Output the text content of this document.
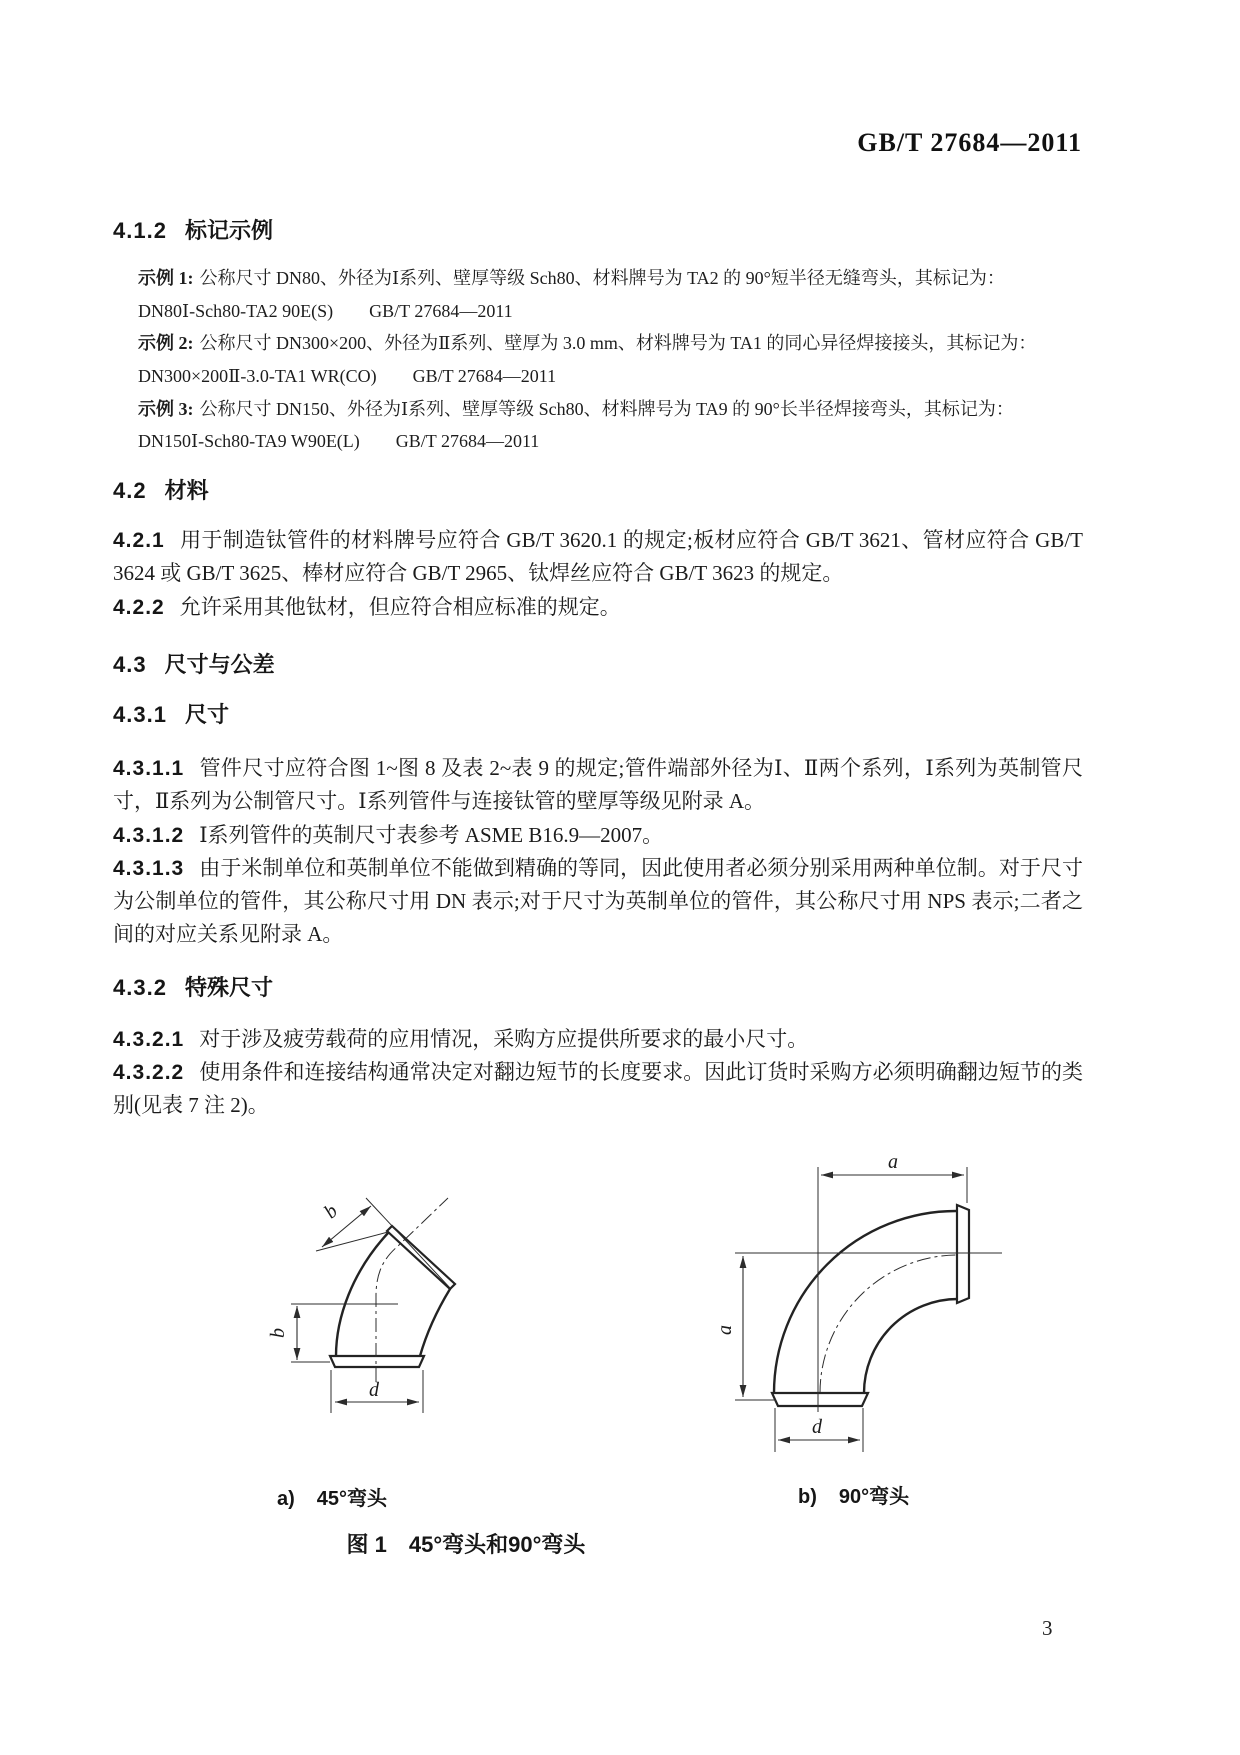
GB/T 27684—2011
4.1.2 标记示例
示例 1: 公称尺寸 DN80、外径为Ⅰ系列、壁厚等级 Sch80、材料牌号为 TA2 的 90°短半径无缝弯头，其标记为：
DN80Ⅰ-Sch80-TA2 90E(S)　　GB/T 27684—2011
示例 2: 公称尺寸 DN300×200、外径为Ⅱ系列、壁厚为 3.0 mm、材料牌号为 TA1 的同心异径焊接接头，其标记为：
DN300×200Ⅱ-3.0-TA1 WR(CO)　　GB/T 27684—2011
示例 3: 公称尺寸 DN150、外径为Ⅰ系列、壁厚等级 Sch80、材料牌号为 TA9 的 90°长半径焊接弯头，其标记为：
DN150Ⅰ-Sch80-TA9 W90E(L)　　GB/T 27684—2011
4.2 材料

4.2.1 用于制造钛管件的材料牌号应符合 GB/T 3620.1 的规定;板材应符合 GB/T 3621、管材应符合 GB/T 3624 或 GB/T 3625、棒材应符合 GB/T 2965、钛焊丝应符合 GB/T 3623 的规定。

4.2.2 允许采用其他钛材，但应符合相应标准的规定。

4.3 尺寸与公差
4.3.1 尺寸

4.3.1.1 管件尺寸应符合图 1~图 8 及表 2~表 9 的规定;管件端部外径为Ⅰ、Ⅱ两个系列，Ⅰ系列为英制管尺寸，Ⅱ系列为公制管尺寸。Ⅰ系列管件与连接钛管的壁厚等级见附录 A。

4.3.1.2 Ⅰ系列管件的英制尺寸表参考 ASME B16.9—2007。

4.3.1.3 由于米制单位和英制单位不能做到精确的等同，因此使用者必须分别采用两种单位制。对于尺寸为公制单位的管件，其公称尺寸用 DN 表示;对于尺寸为英制单位的管件，其公称尺寸用 NPS 表示;二者之间的对应关系见附录 A。

4.3.2 特殊尺寸

4.3.2.1 对于涉及疲劳载荷的应用情况，采购方应提供所要求的最小尺寸。

4.3.2.2 使用条件和连接结构通常决定对翻边短节的长度要求。因此订货时采购方必须明确翻边短节的类别(见表 7 注 2)。

b
b
d
a
a
d
a) 45°弯头	b) 90°弯头
图 1　45°弯头和90°弯头
3
